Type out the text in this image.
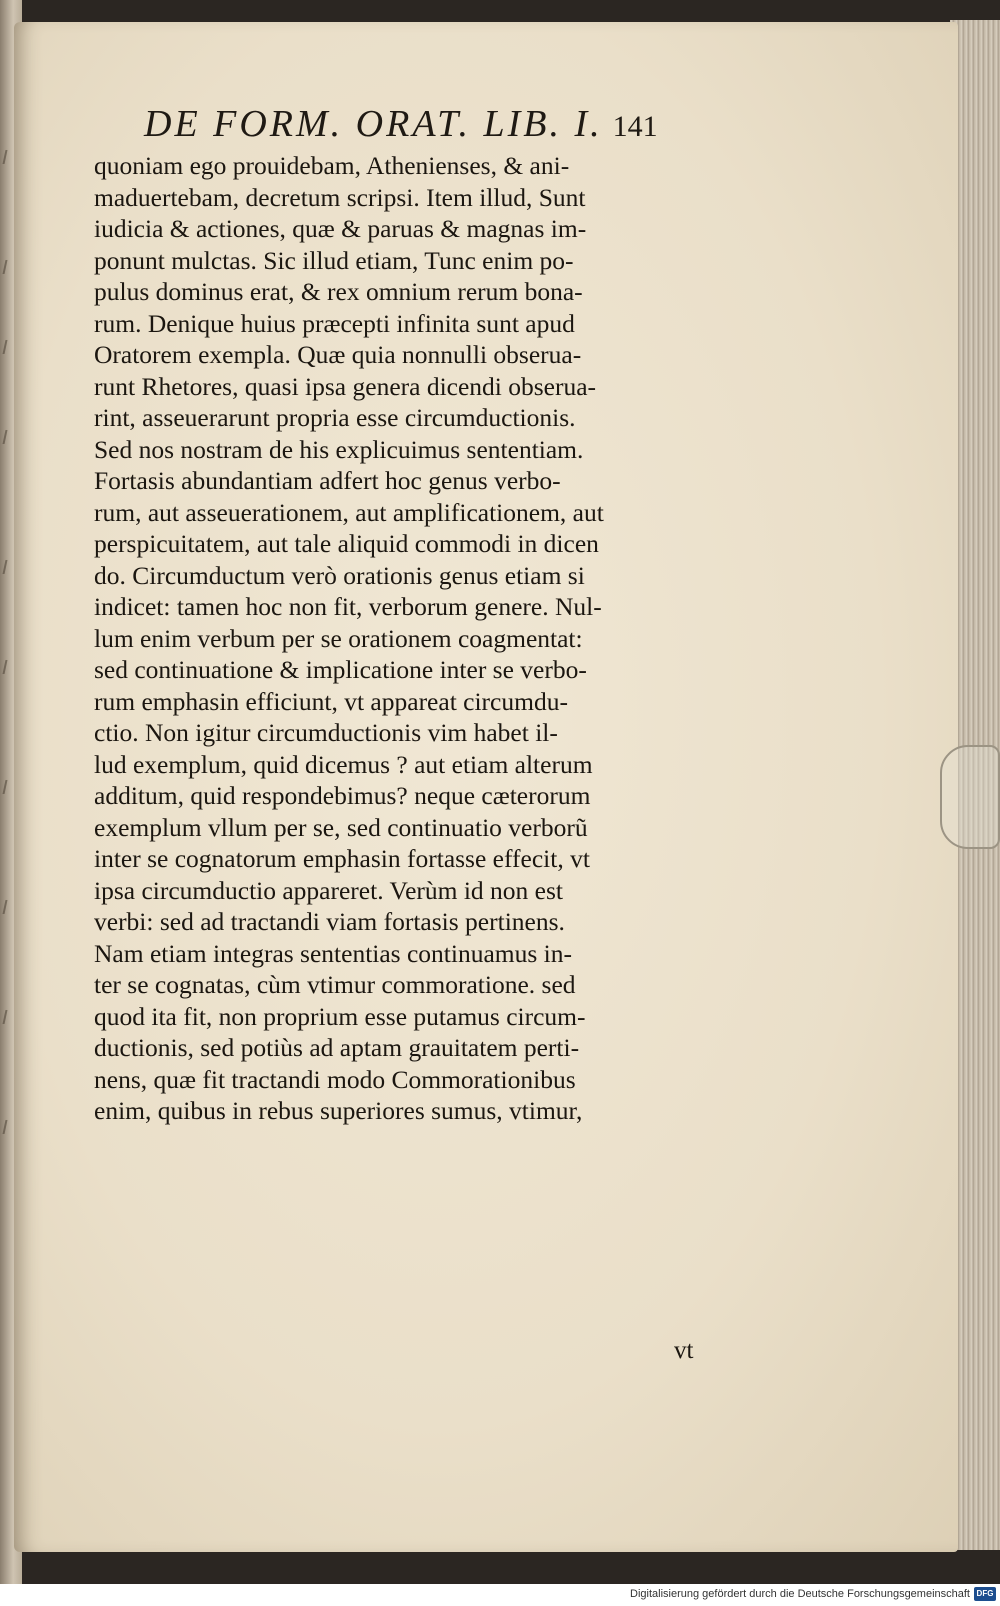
DE FORM. ORAT. LIB. I. 141
quoniam ego prouidebam, Athenienses, & ani-
maduertebam, decretum scripsi. Item illud, Sunt
iudicia & actiones, quæ & paruas & magnas im-
ponunt mulctas. Sic illud etiam, Tunc enim po-
pulus dominus erat, & rex omnium rerum bona-
rum. Denique huius præcepti infinita sunt apud
Oratorem exempla. Quæ quia nonnulli obserua-
runt Rhetores, quasi ipsa genera dicendi obserua-
rint, asseuerarunt propria esse circumductionis.
Sed nos nostram de his explicuimus sententiam.
Fortasis abundantiam adfert hoc genus verbo-
rum, aut asseuerationem, aut amplificationem, aut
perspicuitatem, aut tale aliquid commodi in dicen
do. Circumductum verò orationis genus etiam si
indicet: tamen hoc non fit, verborum genere. Nul-
lum enim verbum per se orationem coagmentat:
sed continuatione & implicatione inter se verbo-
rum emphasin efficiunt, vt appareat circumdu-
ctio. Non igitur circumductionis vim habet il-
lud exemplum, quid dicemus ? aut etiam alterum
additum, quid respondebimus? neque cæterorum
exemplum vllum per se, sed continuatio verborũ
inter se cognatorum emphasin fortasse effecit, vt
ipsa circumductio appareret. Verùm id non est
verbi: sed ad tractandi viam fortasis pertinens.
Nam etiam integras sententias continuamus in-
ter se cognatas, cùm vtimur commoratione. sed
quod ita fit, non proprium esse putamus circum-
ductionis, sed potiùs ad aptam grauitatem perti-
nens, quæ fit tractandi modo Commorationibus
enim, quibus in rebus superiores sumus, vtimur,
vt
Digitalisierung gefördert durch die Deutsche Forschungsgemeinschaft DFG
